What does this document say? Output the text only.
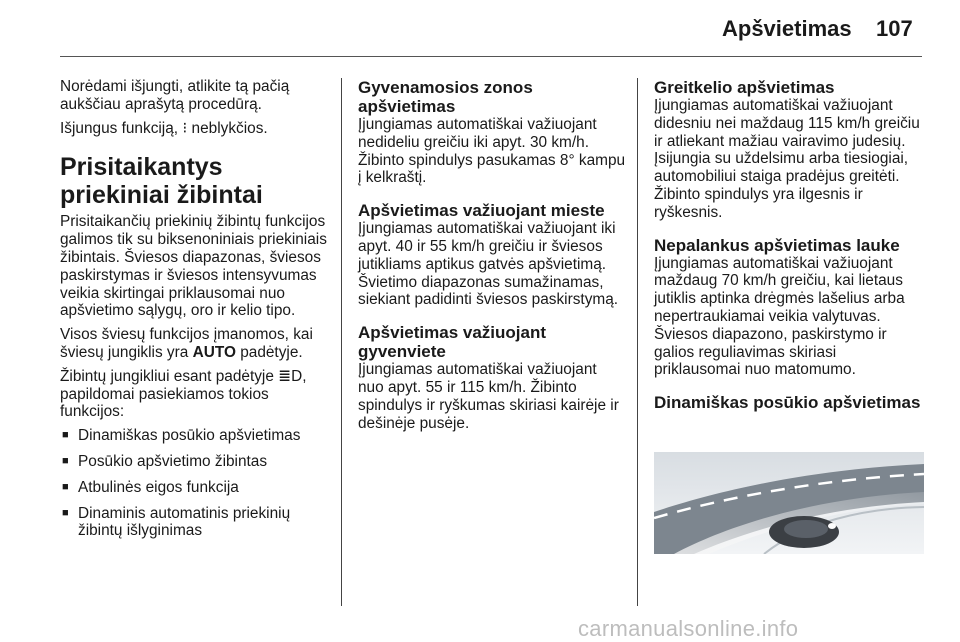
Apšvietimas 107

Norėdami išjungti, atlikite tą pačią aukščiau aprašytą procedūrą.

Išjungus funkciją, ⁝ neblykčios.

Prisitaikantys priekiniai žibintai

Prisitaikančių priekinių žibintų funkcijos galimos tik su biksenoniniais priekiniais žibintais. Šviesos diapazonas, šviesos paskirstymas ir šviesos intensyvumas veikia skirtingai priklausomai nuo apšvietimo sąlygų, oro ir kelio tipo.

Visos šviesų funkcijos įmanomos, kai šviesų jungiklis yra AUTO padėtyje.

Žibintų jungikliui esant padėtyje ≣D, papildomai pasiekiamos tokios funkcijos:

■ Dinamiškas posūkio apšvietimas
■ Posūkio apšvietimo žibintas
■ Atbulinės eigos funkcija
■ Dinaminis automatinis priekinių žibintų išlyginimas
Gyvenamosios zonos apšvietimas

Įjungiamas automatiškai važiuojant nedideliu greičiu iki apyt. 30 km/h. Žibinto spindulys pasukamas 8° kampu į kelkraštį.

Apšvietimas važiuojant mieste

Įjungiamas automatiškai važiuojant iki apyt. 40 ir 55 km/h greičiu ir šviesos jutikliams aptikus gatvės apšvietimą. Švietimo diapazonas sumažinamas, siekiant padidinti šviesos paskirstymą.

Apšvietimas važiuojant gyvenviete

Įjungiamas automatiškai važiuojant nuo apyt. 55 ir 115 km/h. Žibinto spindulys ir ryškumas skiriasi kairėje ir dešinėje pusėje.

Greitkelio apšvietimas

Įjungiamas automatiškai važiuojant didesniu nei maždaug 115 km/h greičiu ir atliekant mažiau vairavimo judesių. Įsijungia su uždelsimu arba tiesiogiai, automobiliui staiga pradėjus greitėti. Žibinto spindulys yra ilgesnis ir ryškesnis.

Nepalankus apšvietimas lauke

Įjungiamas automatiškai važiuojant maždaug 70 km/h greičiu, kai lietaus jutiklis aptinka drėgmės lašelius arba nepertraukiamai veikia valytuvas. Šviesos diapazono, paskirstymo ir galios reguliavimas skiriasi priklausomai nuo matomumo.

Dinamiškas posūkio apšvietimas
carmanualsonline.info
